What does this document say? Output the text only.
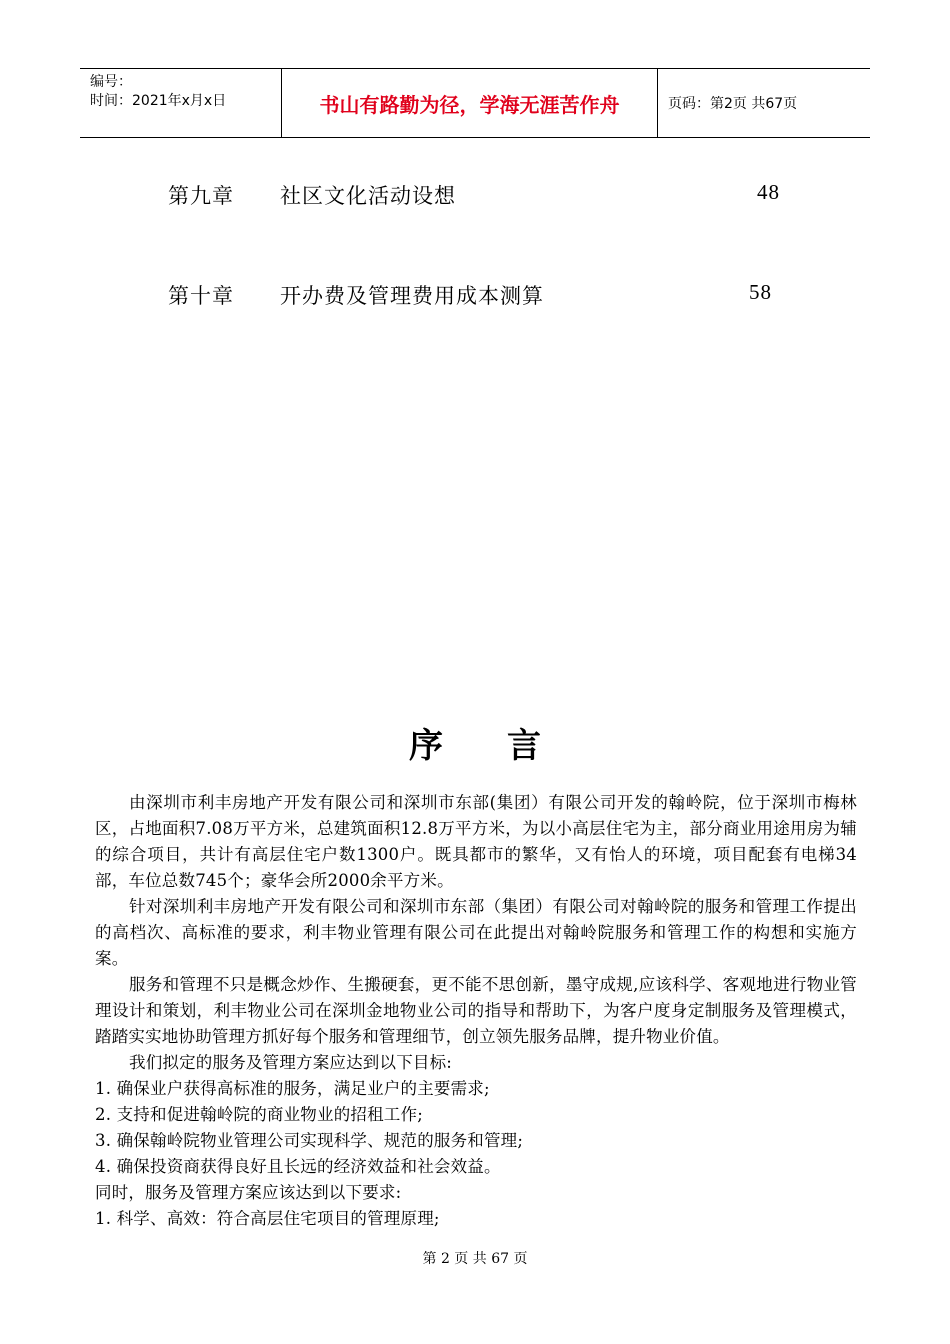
编号：
时间：2021年x月x日	书山有路勤为径，学海无涯苦作舟	页码：第2页 共67页
第九章 社区文化活动设想	48
第十章 开办费及管理费用成本测算	58
序言

由深圳市利丰房地产开发有限公司和深圳市东部(集团）有限公司开发的翰岭院，位于深圳市梅林区，占地面积7.08万平方米，总建筑面积12.8万平方米，为以小高层住宅为主，部分商业用途用房为辅的综合项目，共计有高层住宅户数1300户。既具都市的繁华，又有怡人的环境，项目配套有电梯34部，车位总数745个；豪华会所2000余平方米。

针对深圳利丰房地产开发有限公司和深圳市东部（集团）有限公司对翰岭院的服务和管理工作提出的高档次、高标准的要求，利丰物业管理有限公司在此提出对翰岭院服务和管理工作的构想和实施方案。

服务和管理不只是概念炒作、生搬硬套，更不能不思创新，墨守成规,应该科学、客观地进行物业管理设计和策划，利丰物业公司在深圳金地物业公司的指导和帮助下，为客户度身定制服务及管理模式，踏踏实实地协助管理方抓好每个服务和管理细节，创立领先服务品牌，提升物业价值。

我们拟定的服务及管理方案应达到以下目标:

1. 确保业户获得高标准的服务，满足业户的主要需求;

2. 支持和促进翰岭院的商业物业的招租工作;

3. 确保翰岭院物业管理公司实现科学、规范的服务和管理;

4. 确保投资商获得良好且长远的经济效益和社会效益。

同时，服务及管理方案应该达到以下要求:

1. 科学、高效：符合高层住宅项目的管理原理;

第 2 页 共 67 页
